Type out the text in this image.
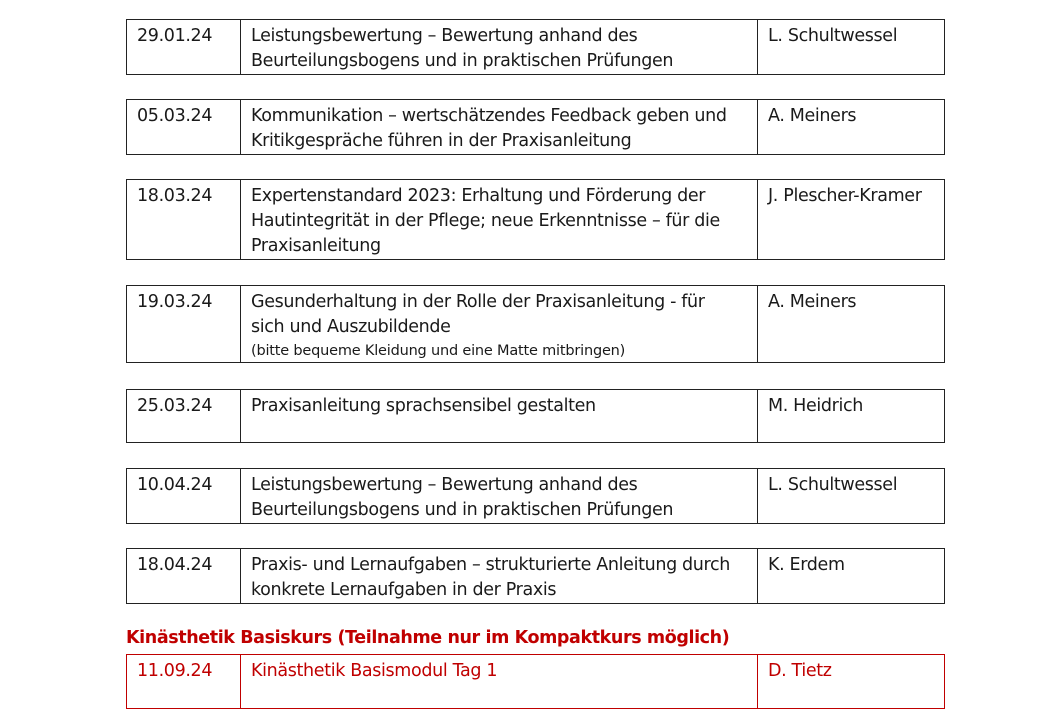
29.01.24	Leistungsbewertung – Bewertung anhand des
Beurteilungsbogens und in praktischen Prüfungen	L. Schultwessel
05.03.24	Kommunikation – wertschätzendes Feedback geben und
Kritikgespräche führen in der Praxisanleitung	A. Meiners
18.03.24	Expertenstandard 2023: Erhaltung und Förderung der
Hautintegrität in der Pflege; neue Erkenntnisse – für die
Praxisanleitung	J. Plescher-Kramer
19.03.24	Gesunderhaltung in der Rolle der Praxisanleitung - für
sich und Auszubildende
(bitte bequeme Kleidung und eine Matte mitbringen)
	A. Meiners
25.03.24	Praxisanleitung sprachsensibel gestalten	M. Heidrich
10.04.24	Leistungsbewertung – Bewertung anhand des
Beurteilungsbogens und in praktischen Prüfungen	L. Schultwessel
18.04.24	Praxis- und Lernaufgaben – strukturierte Anleitung durch
konkrete Lernaufgaben in der Praxis	K. Erdem
Kinästhetik Basiskurs (Teilnahme nur im Kompaktkurs möglich)
11.09.24	Kinästhetik Basismodul Tag 1	D. Tietz
